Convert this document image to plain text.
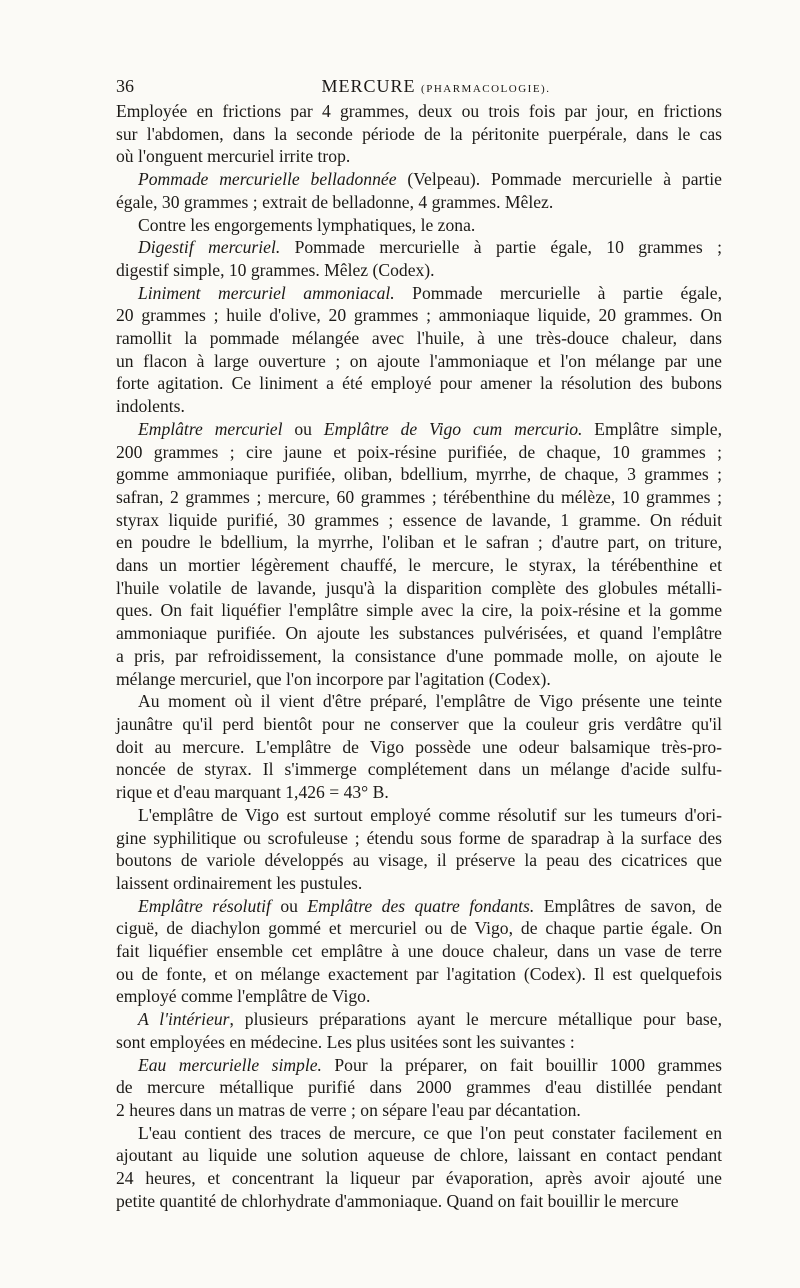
36	MERCURE (PHARMACOLOGIE).
Employée en frictions par 4 grammes, deux ou trois fois par jour, en frictions
sur l'abdomen, dans la seconde période de la péritonite puerpérale, dans le cas
où l'onguent mercuriel irrite trop.
Pommade mercurielle belladonnée (Velpeau). Pommade mercurielle à partie
égale, 30 grammes ; extrait de belladonne, 4 grammes. Mêlez.
Contre les engorgements lymphatiques, le zona.
Digestif mercuriel. Pommade mercurielle à partie égale, 10 grammes ;
digestif simple, 10 grammes. Mêlez (Codex).
Liniment mercuriel ammoniacal. Pommade mercurielle à partie égale,
20 grammes ; huile d'olive, 20 grammes ; ammoniaque liquide, 20 grammes. On
ramollit la pommade mélangée avec l'huile, à une très-douce chaleur, dans
un flacon à large ouverture ; on ajoute l'ammoniaque et l'on mélange par une
forte agitation. Ce liniment a été employé pour amener la résolution des bubons
indolents.
Emplâtre mercuriel ou Emplâtre de Vigo cum mercurio. Emplâtre simple,
200 grammes ; cire jaune et poix-résine purifiée, de chaque, 10 grammes ;
gomme ammoniaque purifiée, oliban, bdellium, myrrhe, de chaque, 3 grammes ;
safran, 2 grammes ; mercure, 60 grammes ; térébenthine du mélèze, 10 grammes ;
styrax liquide purifié, 30 grammes ; essence de lavande, 1 gramme. On réduit
en poudre le bdellium, la myrrhe, l'oliban et le safran ; d'autre part, on triture,
dans un mortier légèrement chauffé, le mercure, le styrax, la térébenthine et
l'huile volatile de lavande, jusqu'à la disparition complète des globules métalli-
ques. On fait liquéfier l'emplâtre simple avec la cire, la poix-résine et la gomme
ammoniaque purifiée. On ajoute les substances pulvérisées, et quand l'emplâtre
a pris, par refroidissement, la consistance d'une pommade molle, on ajoute le
mélange mercuriel, que l'on incorpore par l'agitation (Codex).
Au moment où il vient d'être préparé, l'emplâtre de Vigo présente une teinte
jaunâtre qu'il perd bientôt pour ne conserver que la couleur gris verdâtre qu'il
doit au mercure. L'emplâtre de Vigo possède une odeur balsamique très-pro-
noncée de styrax. Il s'immerge complétement dans un mélange d'acide sulfu-
rique et d'eau marquant 1,426 = 43° B.
L'emplâtre de Vigo est surtout employé comme résolutif sur les tumeurs d'ori-
gine syphilitique ou scrofuleuse ; étendu sous forme de sparadrap à la surface des
boutons de variole développés au visage, il préserve la peau des cicatrices que
laissent ordinairement les pustules.
Emplâtre résolutif ou Emplâtre des quatre fondants. Emplâtres de savon, de
ciguë, de diachylon gommé et mercuriel ou de Vigo, de chaque partie égale. On
fait liquéfier ensemble cet emplâtre à une douce chaleur, dans un vase de terre
ou de fonte, et on mélange exactement par l'agitation (Codex). Il est quelquefois
employé comme l'emplâtre de Vigo.
A l'intérieur, plusieurs préparations ayant le mercure métallique pour base,
sont employées en médecine. Les plus usitées sont les suivantes :
Eau mercurielle simple. Pour la préparer, on fait bouillir 1000 grammes
de mercure métallique purifié dans 2000 grammes d'eau distillée pendant
2 heures dans un matras de verre ; on sépare l'eau par décantation.
L'eau contient des traces de mercure, ce que l'on peut constater facilement en
ajoutant au liquide une solution aqueuse de chlore, laissant en contact pendant
24 heures, et concentrant la liqueur par évaporation, après avoir ajouté une
petite quantité de chlorhydrate d'ammoniaque. Quand on fait bouillir le mercure
